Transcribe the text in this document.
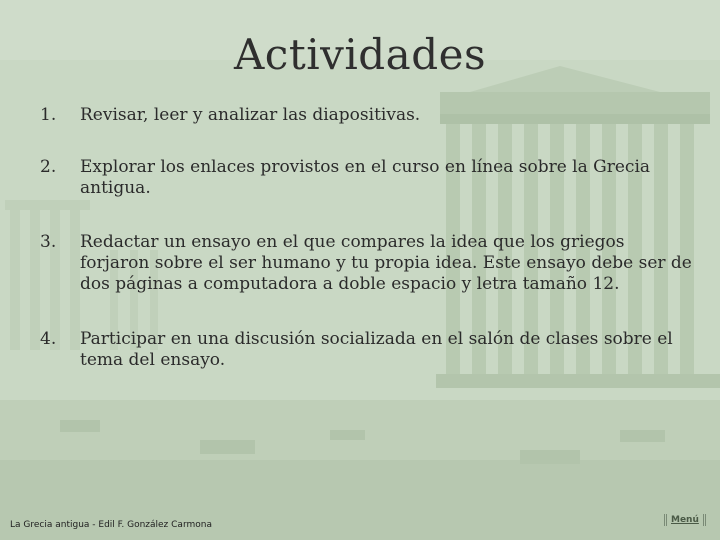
Actividades
1.	Revisar, leer y analizar las diapositivas.
2.	Explorar los enlaces provistos en el curso en línea sobre la Grecia antigua.
3.	Redactar un ensayo en el que compares la idea que los griegos forjaron sobre el ser humano y tu propia idea. Este ensayo debe ser de dos páginas a computadora a doble espacio y letra tamaño 12.
4.	Participar en una discusión socializada en el salón de clases sobre el tema del ensayo.
La Grecia antigua - Edil F. González Carmona	Menú
